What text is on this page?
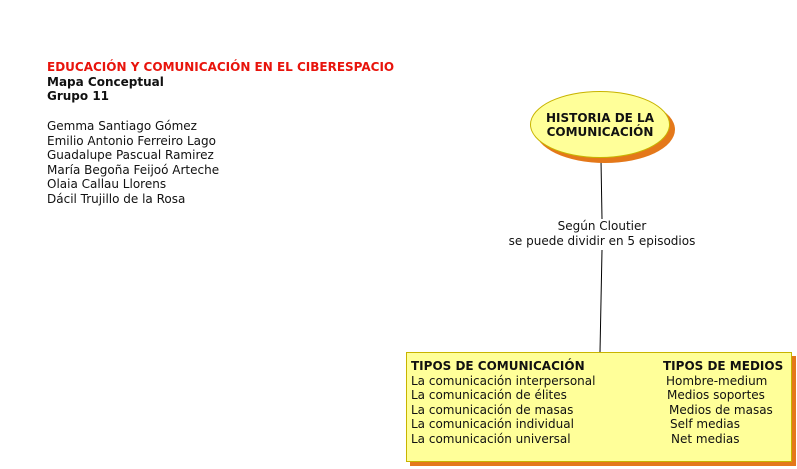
EDUCACIÓN Y COMUNICACIÓN EN EL CIBERESPACIO
Mapa Conceptual
Grupo 11
Gemma Santiago Gómez
Emilio Antonio Ferreiro Lago
Guadalupe Pascual Ramirez
María Begoña Feijoó Arteche
Olaia Callau Llorens
Dácil Trujillo de la Rosa
HISTORIA DE LA
COMUNICACIÓN
Según Cloutier
se puede dividir en 5 episodios
TIPOS DE COMUNICACIÓN
La comunicación interpersonal
La comunicación de élites
La comunicación de masas
La comunicación individual
La comunicación universal
TIPOS DE MEDIOS
Hombre-medium
Medios soportes
Medios de masas
Self medias
Net medias
